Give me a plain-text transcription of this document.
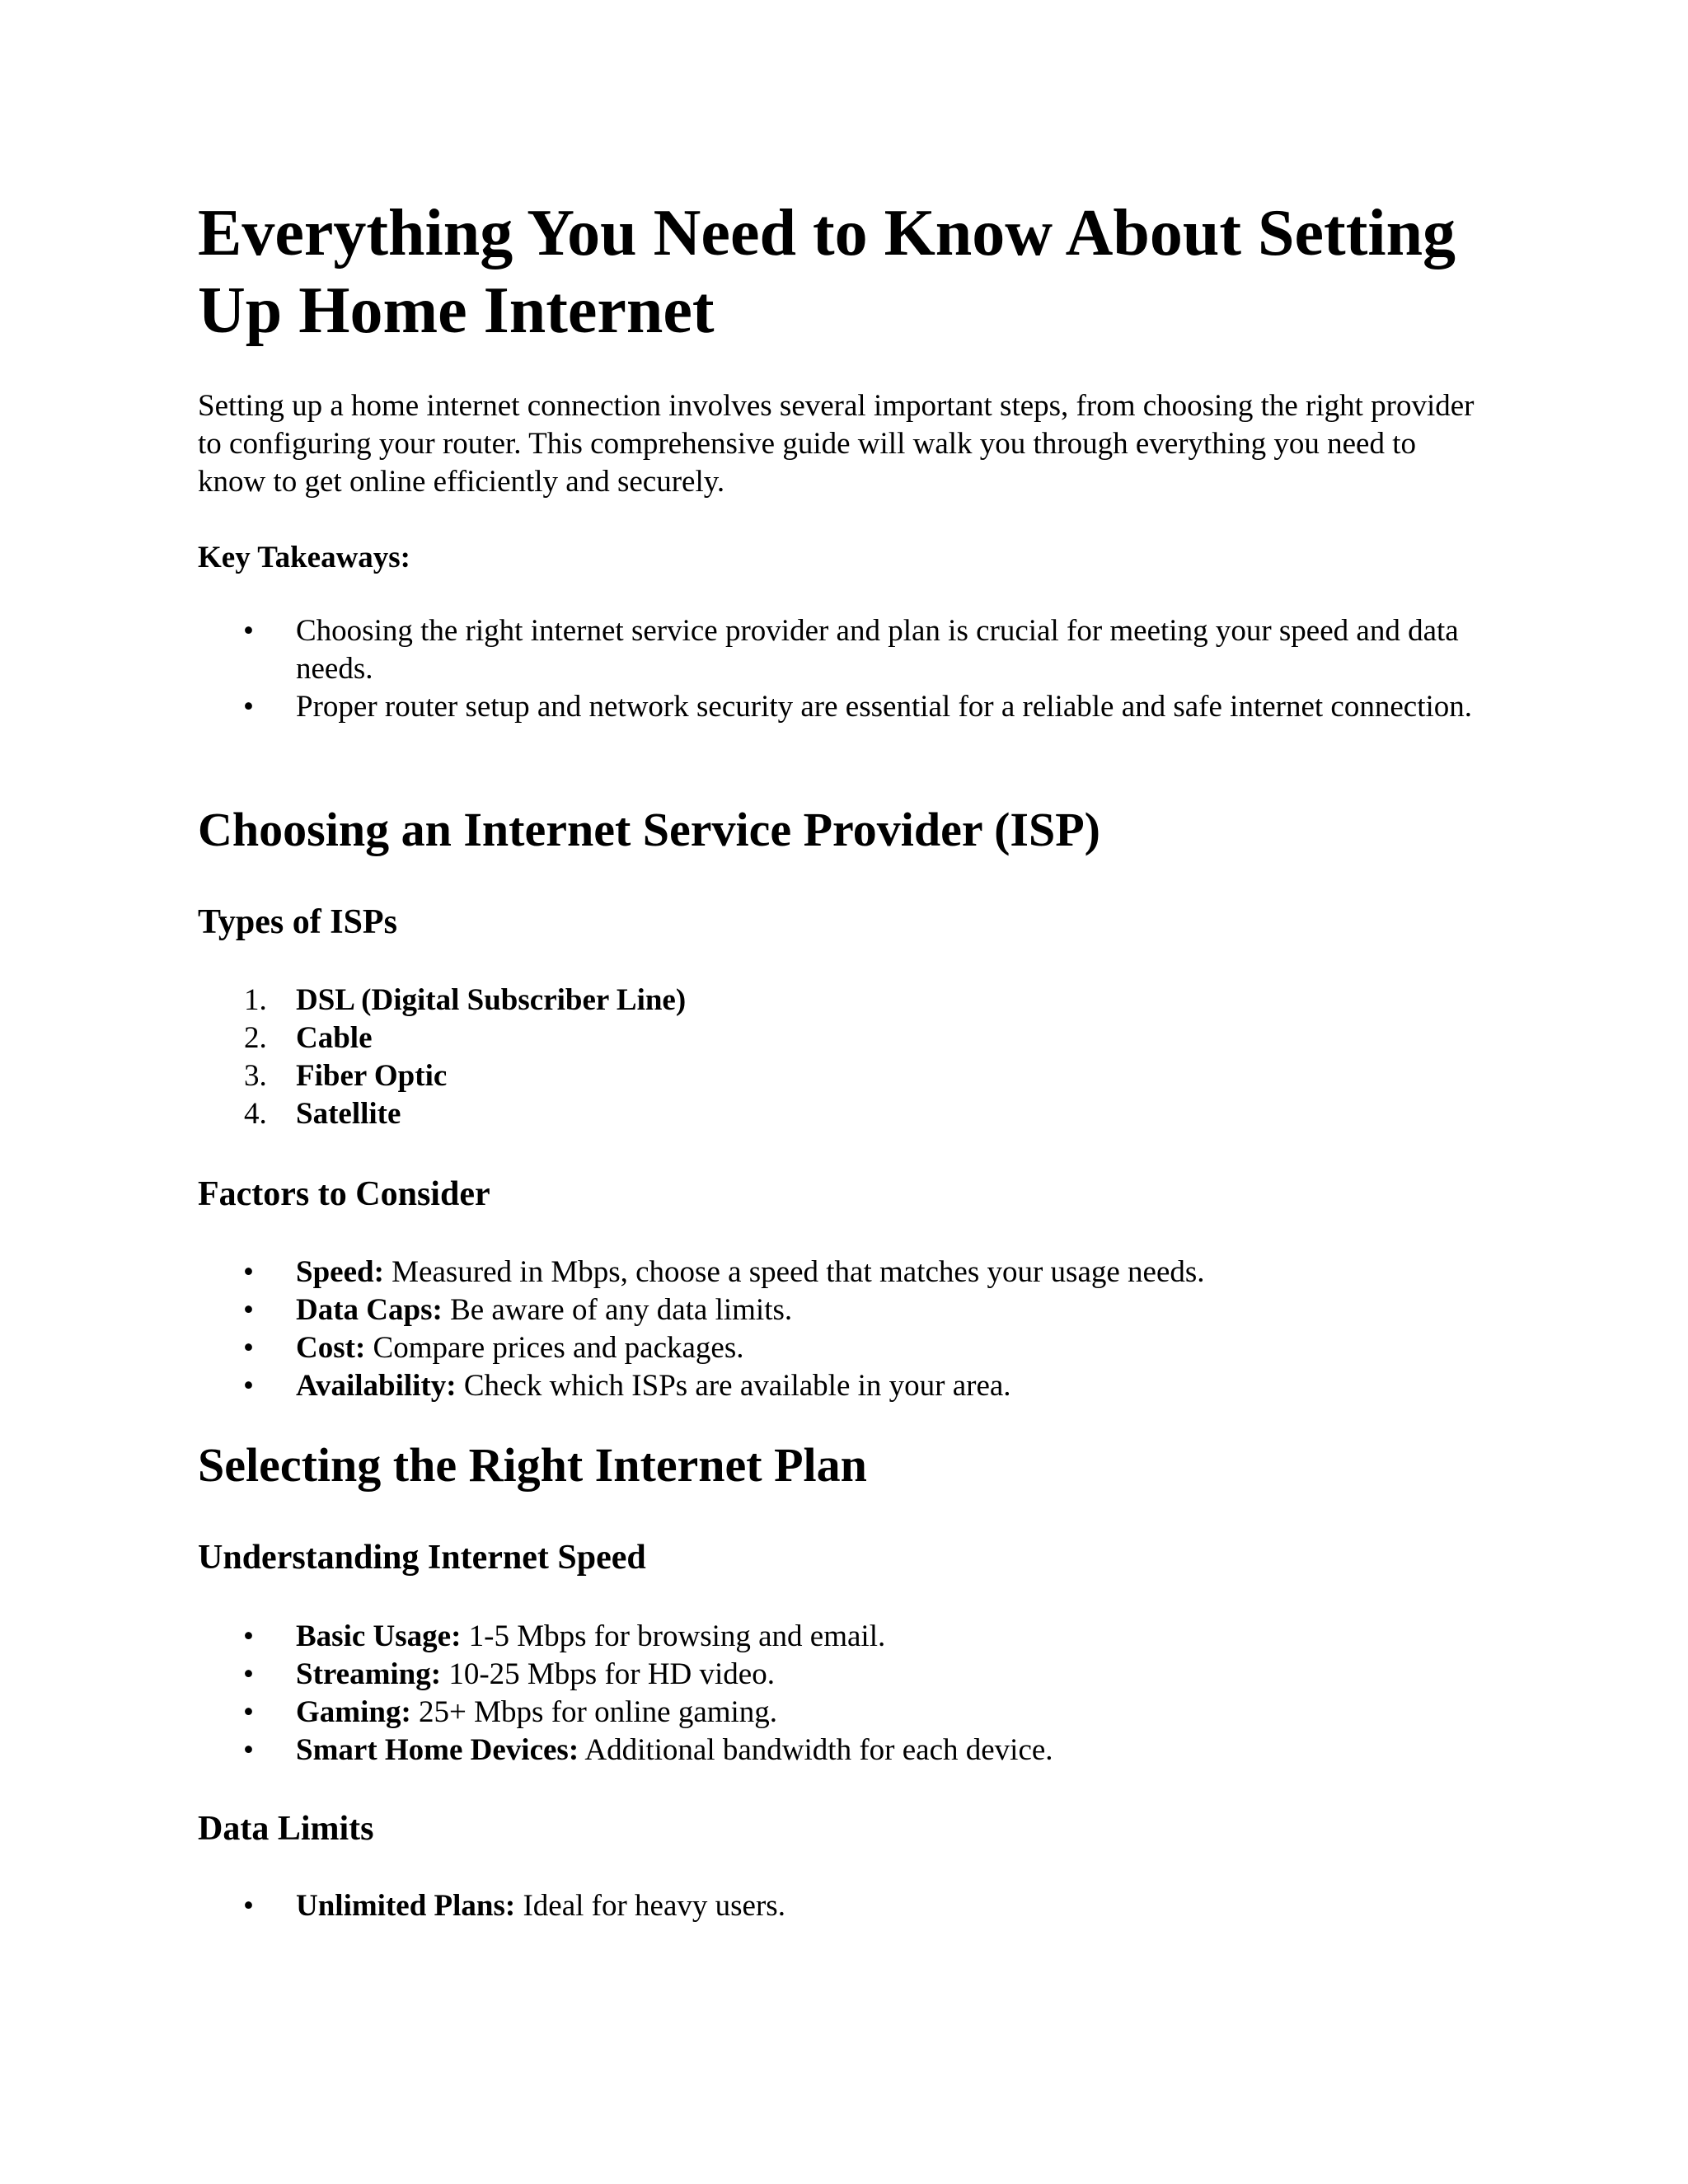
Everything You Need to Know About Setting Up Home Internet

Setting up a home internet connection involves several important steps, from choosing the right provider to configuring your router. This comprehensive guide will walk you through everything you need to know to get online efficiently and securely.

Key Takeaways:

• Choosing the right internet service provider and plan is crucial for meeting your speed and data needs.
• Proper router setup and network security are essential for a reliable and safe internet connection.
Choosing an Internet Service Provider (ISP)
Types of ISPs
1. DSL (Digital Subscriber Line)
2. Cable
3. Fiber Optic
4. Satellite
Factors to Consider
• Speed: Measured in Mbps, choose a speed that matches your usage needs.
• Data Caps: Be aware of any data limits.
• Cost: Compare prices and packages.
• Availability: Check which ISPs are available in your area.
Selecting the Right Internet Plan
Understanding Internet Speed
• Basic Usage: 1-5 Mbps for browsing and email.
• Streaming: 10-25 Mbps for HD video.
• Gaming: 25+ Mbps for online gaming.
• Smart Home Devices: Additional bandwidth for each device.
Data Limits
• Unlimited Plans: Ideal for heavy users.
